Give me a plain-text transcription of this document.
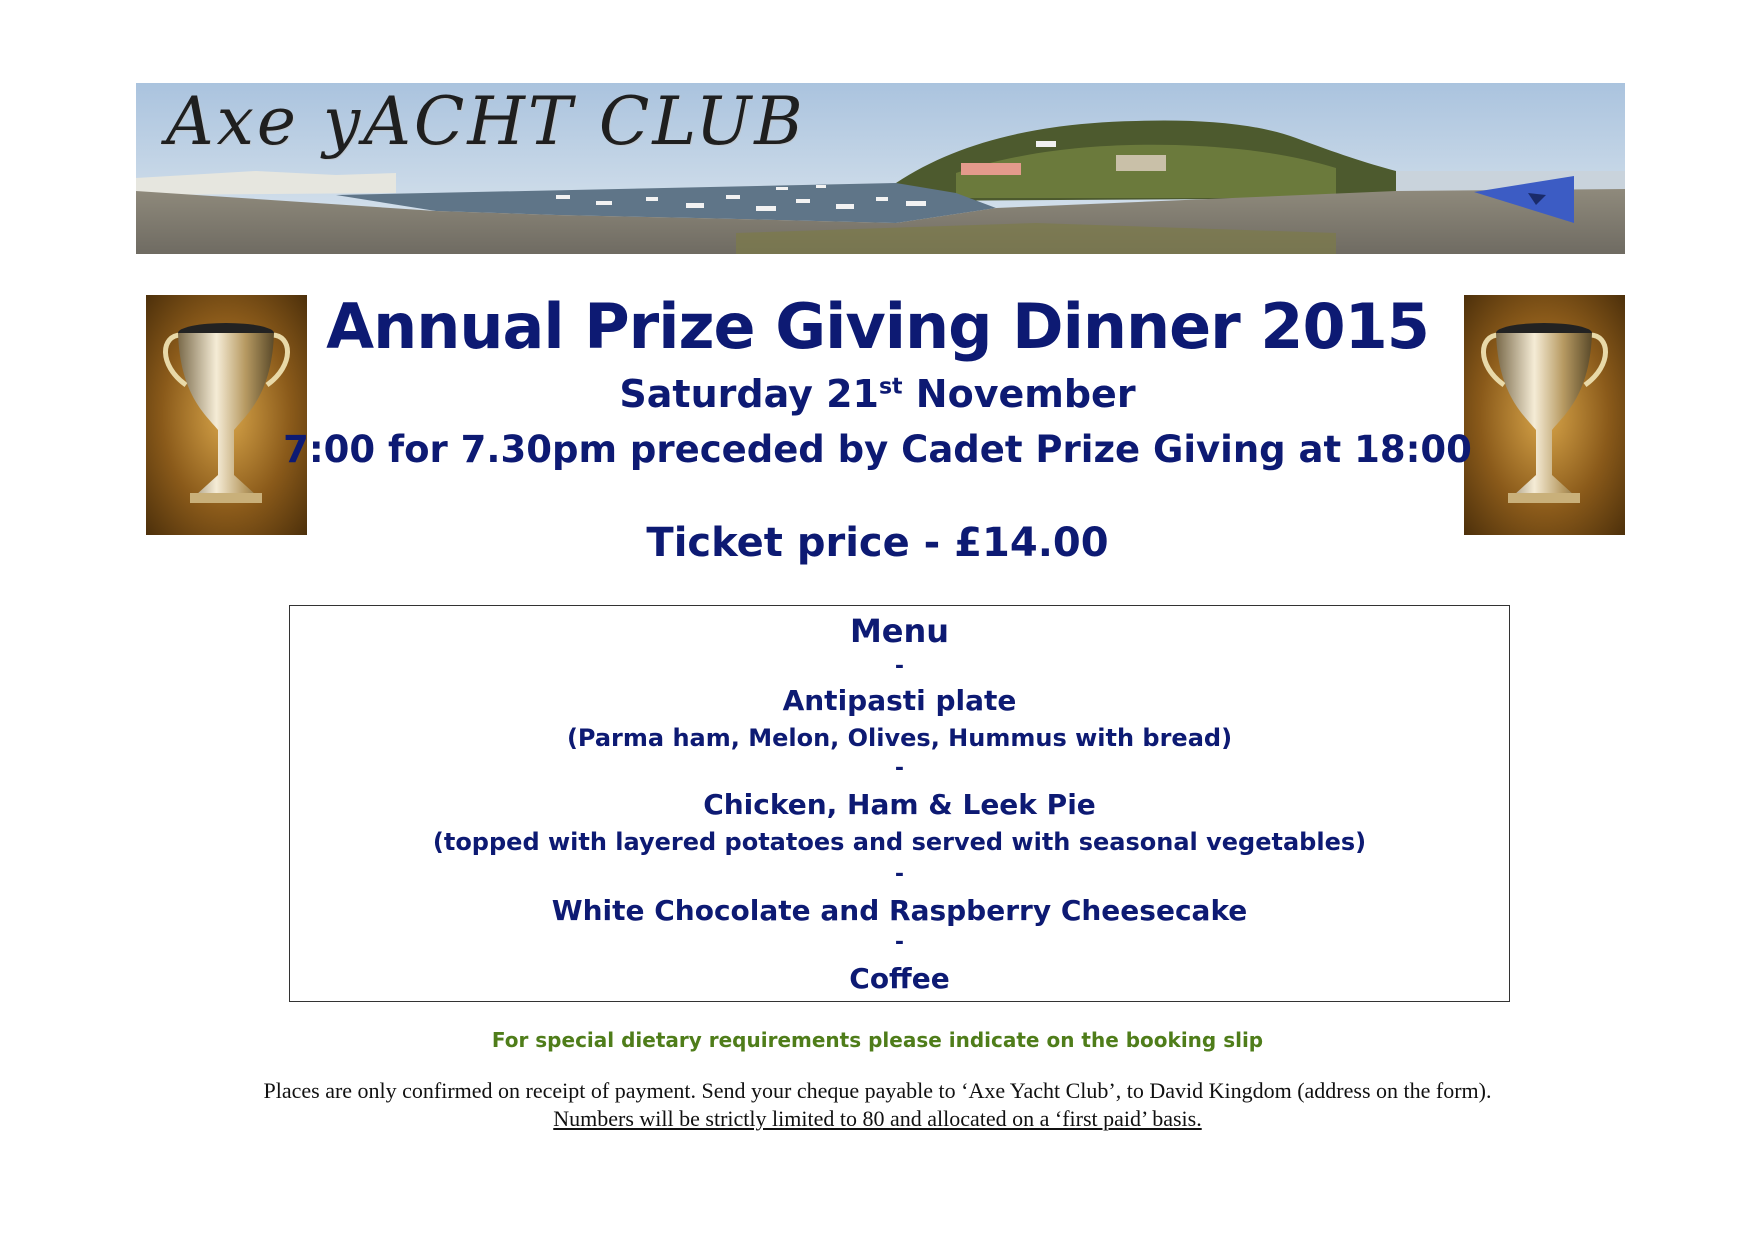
Axe yACHT CLUB
Annual Prize Giving Dinner 2015
Saturday 21st November
7:00 for 7.30pm preceded by Cadet Prize Giving at 18:00
Ticket price - £14.00
Menu
-
Antipasti plate
(Parma ham, Melon, Olives, Hummus with bread)
-
Chicken, Ham & Leek Pie
(topped with layered potatoes and served with seasonal vegetables)
-
White Chocolate and Raspberry Cheesecake
-
Coffee
For special dietary requirements please indicate on the booking slip
Places are only confirmed on receipt of payment. Send your cheque payable to ‘Axe Yacht Club’, to David Kingdom (address on the form).
Numbers will be strictly limited to 80 and allocated on a ‘first paid’ basis.
